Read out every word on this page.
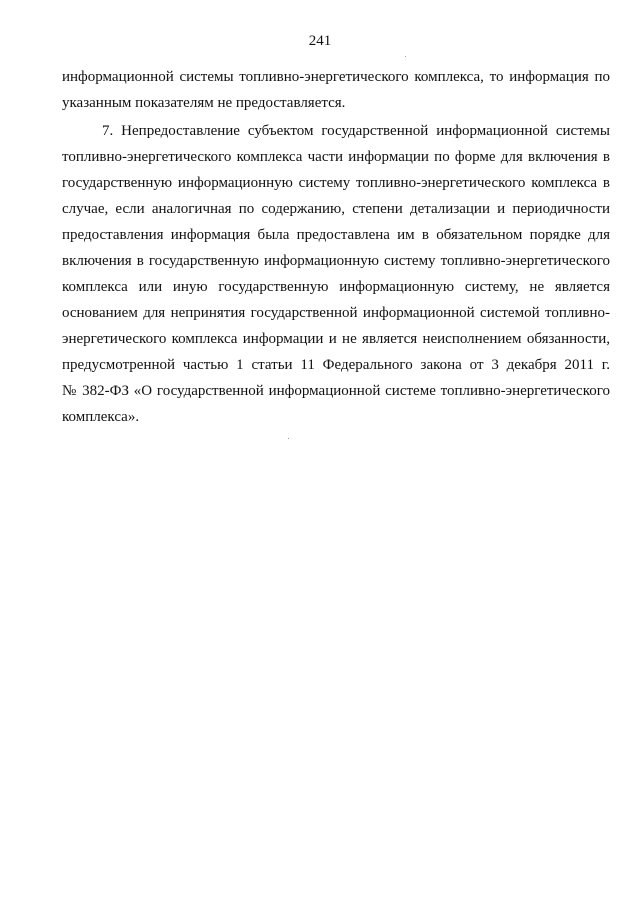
241
информационной системы топливно-энергетического комплекса, то информация по
указанным показателям не предоставляется.
7. Непредоставление субъектом государственной информационной системы
топливно-энергетического комплекса части информации по форме для включения в
государственную информационную систему топливно-энергетического комплекса в
случае, если аналогичная по содержанию, степени детализации и периодичности
предоставления информация была предоставлена им в обязательном порядке для
включения в государственную информационную систему топливно-энергетического
комплекса или иную государственную информационную систему, не является
основанием для непринятия государственной информационной системой топливно-
энергетического комплекса информации и не является неисполнением обязанности,
предусмотренной частью 1 статьи 11 Федерального закона от 3 декабря 2011 г.
№ 382-ФЗ «О государственной информационной системе топливно-энергетического
комплекса».
